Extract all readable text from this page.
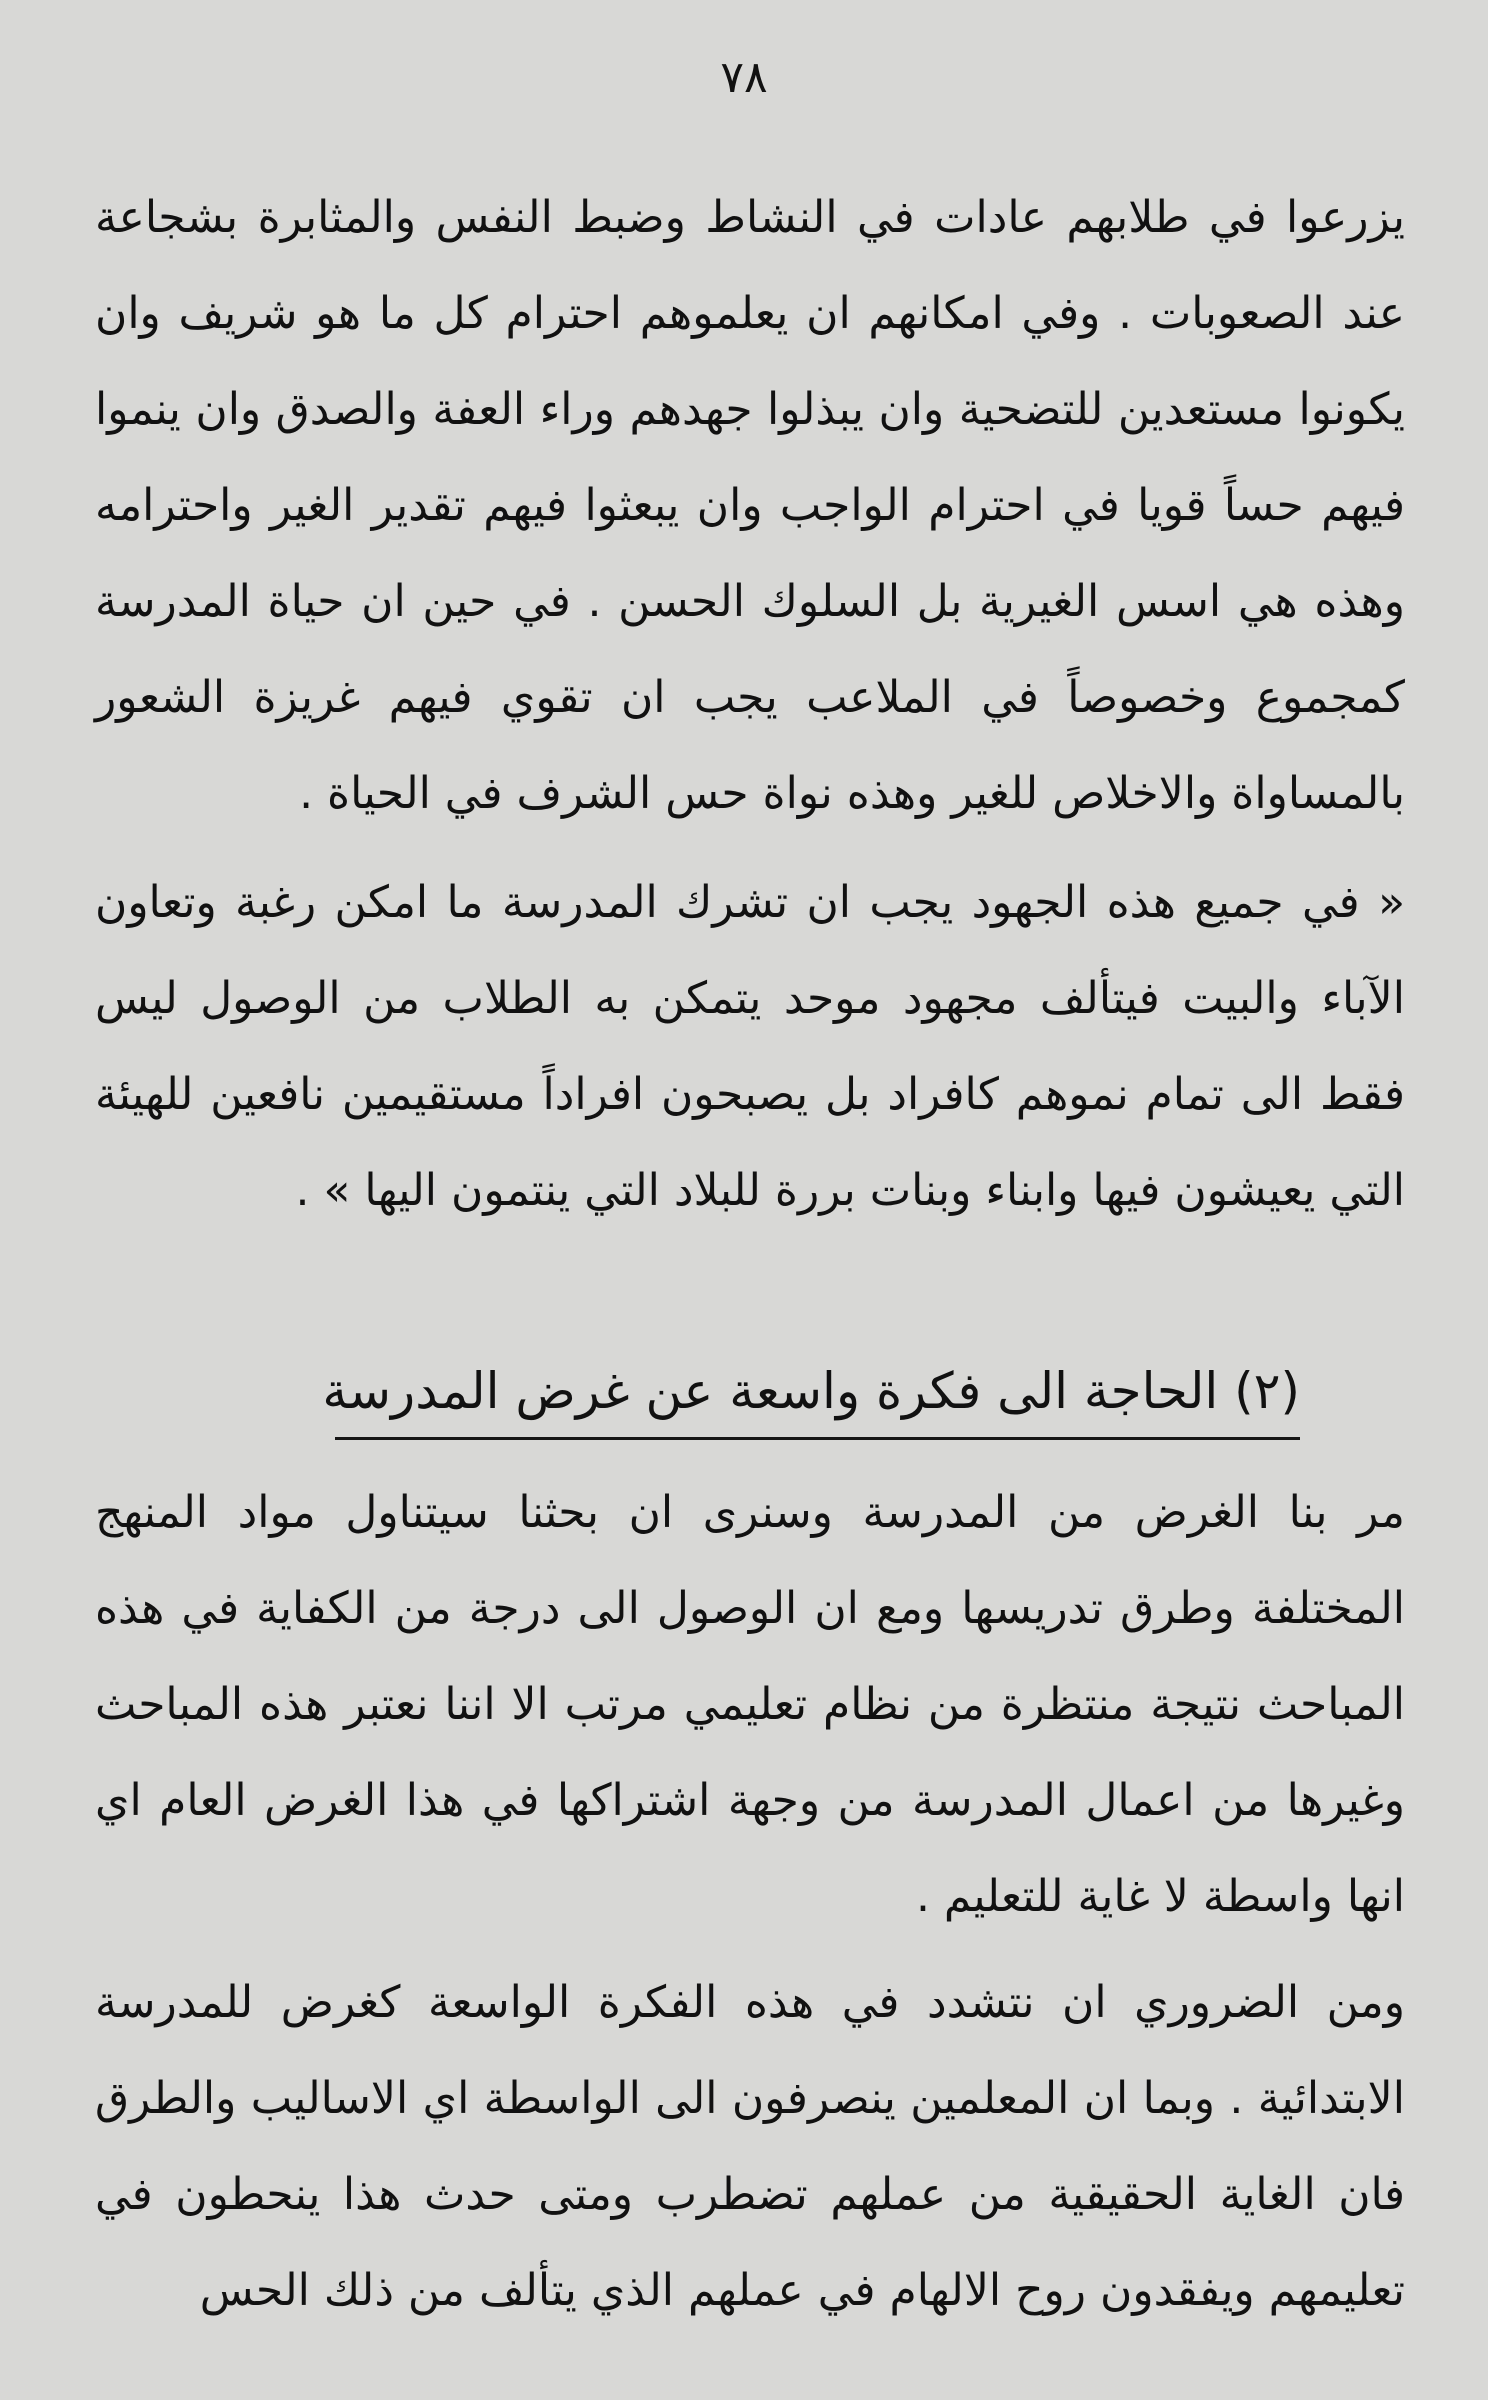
٧٨

يزرعوا في طلابهم عادات في النشاط وضبط النفس والمثابرة بشجاعة عند الصعوبات . وفي امكانهم ان يعلموهم احترام كل ما هو شريف وان يكونوا مستعدين للتضحية وان يبذلوا جهدهم وراء العفة والصدق وان ينموا فيهم حساً قويا في احترام الواجب وان يبعثوا فيهم تقدير الغير واحترامه وهذه هي اسس الغيرية بل السلوك الحسن . في حين ان حياة المدرسة كمجموع وخصوصاً في الملاعب يجب ان تقوي فيهم غريزة الشعور بالمساواة والاخلاص للغير وهذه نواة حس الشرف في الحياة .

« في جميع هذه الجهود يجب ان تشرك المدرسة ما امكن رغبة وتعاون الآباء والبيت فيتألف مجهود موحد يتمكن به الطلاب من الوصول ليس فقط الى تمام نموهم كافراد بل يصبحون افراداً مستقيمين نافعين للهيئة التي يعيشون فيها وابناء وبنات بررة للبلاد التي ينتمون اليها » .

(٢) الحاجة الى فكرة واسعة عن غرض المدرسة

مر بنا الغرض من المدرسة وسنرى ان بحثنا سيتناول مواد المنهج المختلفة وطرق تدريسها ومع ان الوصول الى درجة من الكفاية في هذه المباحث نتيجة منتظرة من نظام تعليمي مرتب الا اننا نعتبر هذه المباحث وغيرها من اعمال المدرسة من وجهة اشتراكها في هذا الغرض العام اي انها واسطة لا غاية للتعليم .

ومن الضروري ان نتشدد في هذه الفكرة الواسعة كغرض للمدرسة الابتدائية . وبما ان المعلمين ينصرفون الى الواسطة اي الاساليب والطرق فان الغاية الحقيقية من عملهم تضطرب ومتى حدث هذا ينحطون في تعليمهم ويفقدون روح الالهام في عملهم الذي يتألف من ذلك الحس
